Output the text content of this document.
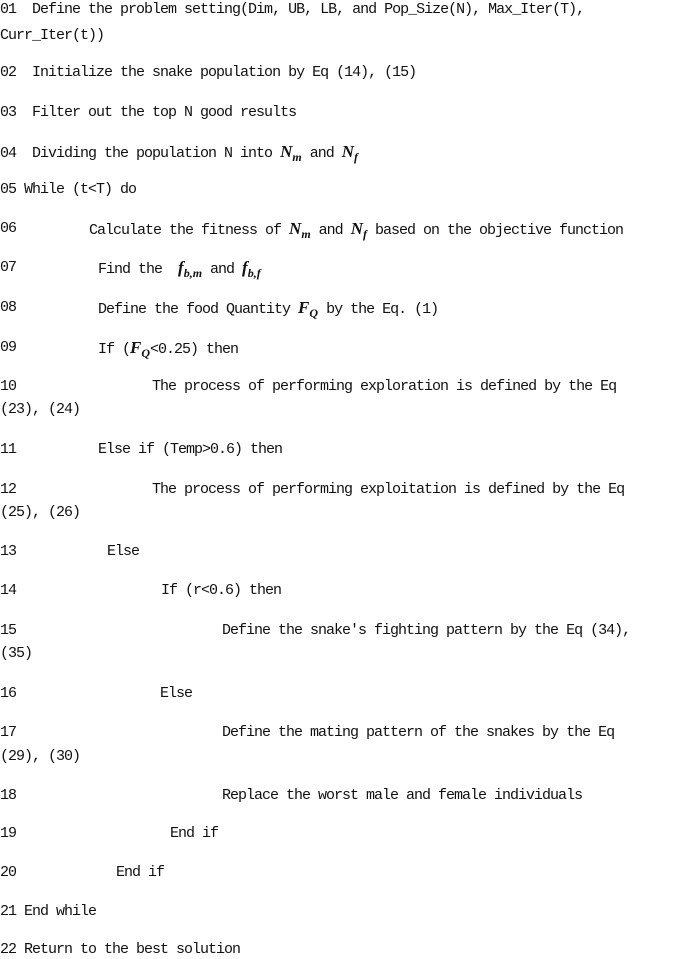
01  Define the problem setting(Dim, UB, LB, and Pop_Size(N), Max_Iter(T),
Curr_Iter(t))
02  Initialize the snake population by Eq (14), (15)
03  Filter out the top N good results
04  Dividing the population N into $N_m$ and $N_f$
05 While (t<T) do
06	Calculate the fitness of $N_m$ and $N_f$ based on the objective function
07	Find the  $f_{b,m}$ and $f_{b,f}$
08	Define the food Quantity $F_Q$ by the Eq. (1)
09	If $(F_Q<0.25)$ then
10	The process of performing exploration is defined by the Eq
(23), (24)
11	Else if (Temp>0.6) then
12	The process of performing exploitation is defined by the Eq
(25), (26)
13	Else
14	If (r<0.6) then
15	Define the snake's fighting pattern by the Eq (34),
(35)
16	Else
17	Define the mating pattern of the snakes by the Eq
(29), (30)
18	Replace the worst male and female individuals
19	End if
20	End if
21 End while
22 Return to the best solution
